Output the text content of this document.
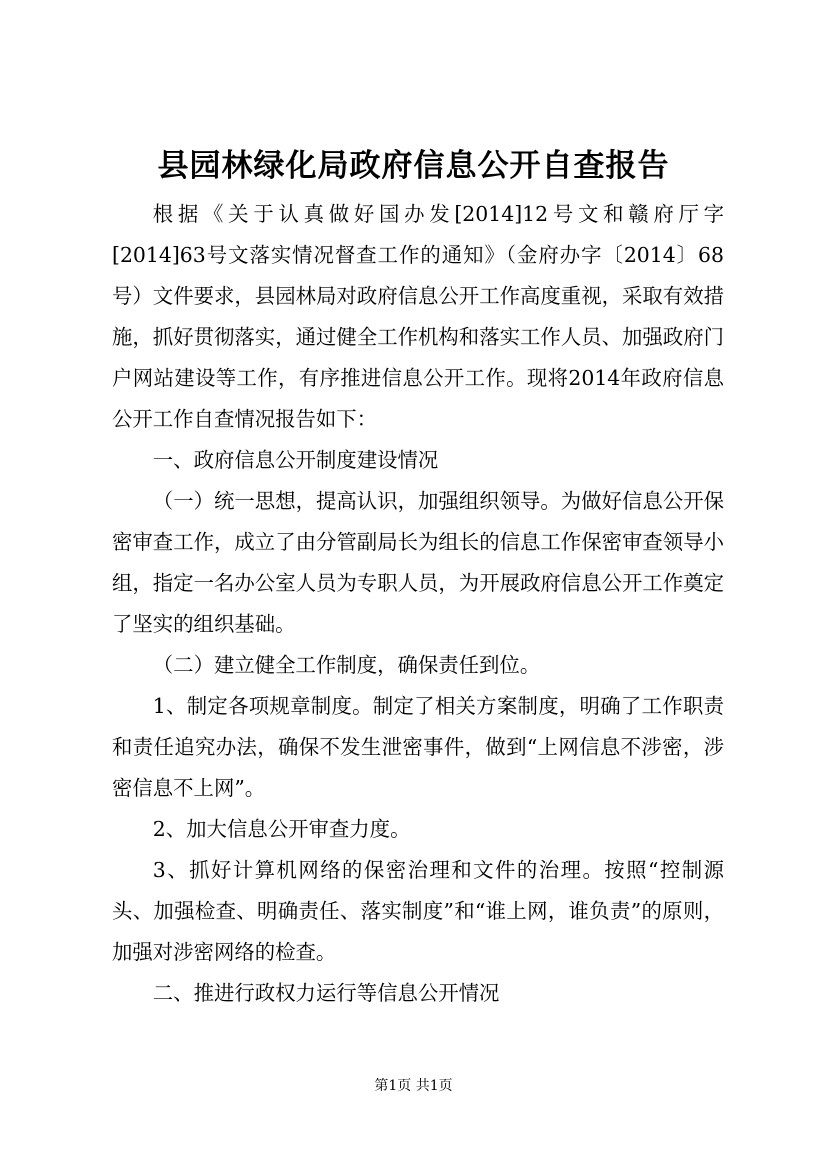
县园林绿化局政府信息公开自查报告

根据《关于认真做好国办发[2014]12号文和赣府厅字[2014]63号文落实情况督查工作的通知》（金府办字〔2014〕68号）文件要求，县园林局对政府信息公开工作高度重视，采取有效措施，抓好贯彻落实，通过健全工作机构和落实工作人员、加强政府门户网站建设等工作，有序推进信息公开工作。现将2014年政府信息公开工作自查情况报告如下：

一、政府信息公开制度建设情况

（一）统一思想，提高认识，加强组织领导。为做好信息公开保密审查工作，成立了由分管副局长为组长的信息工作保密审查领导小组，指定一名办公室人员为专职人员，为开展政府信息公开工作奠定了坚实的组织基础。

（二）建立健全工作制度，确保责任到位。

1、制定各项规章制度。制定了相关方案制度，明确了工作职责和责任追究办法，确保不发生泄密事件，做到“上网信息不涉密，涉密信息不上网”。

2、加大信息公开审查力度。

3、抓好计算机网络的保密治理和文件的治理。按照“控制源头、加强检查、明确责任、落实制度”和“谁上网，谁负责”的原则，加强对涉密网络的检查。

二、推进行政权力运行等信息公开情况

第1页 共1页
